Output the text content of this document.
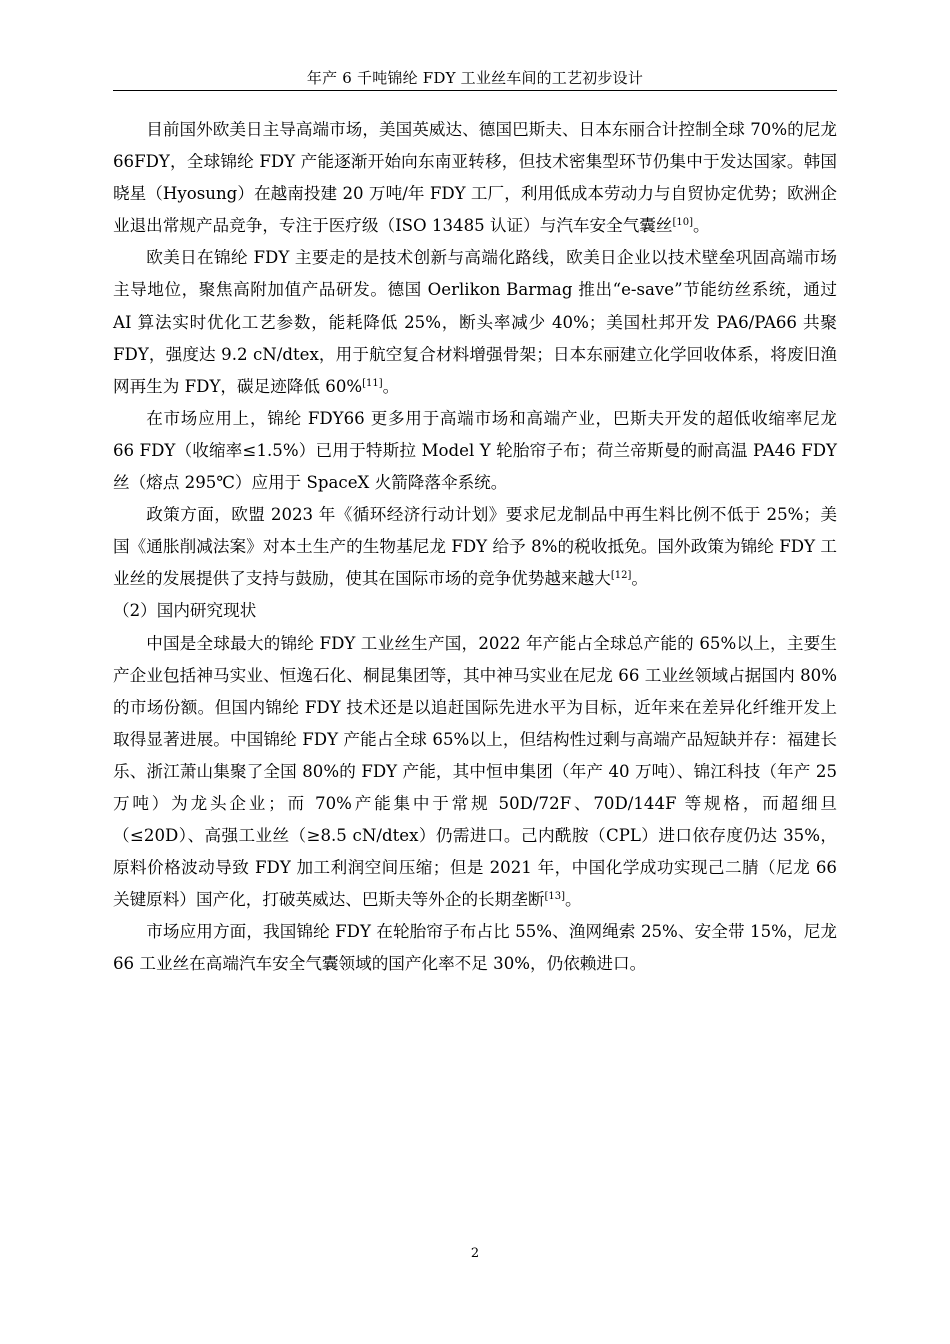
年产 6 千吨锦纶 FDY 工业丝车间的工艺初步设计

目前国外欧美日主导高端市场，美国英威达、德国巴斯夫、日本东丽合计控制全球 70%的尼龙 66FDY，全球锦纶 FDY 产能逐渐开始向东南亚转移，但技术密集型环节仍集中于发达国家。韩国晓星（Hyosung）在越南投建 20 万吨/年 FDY 工厂，利用低成本劳动力与自贸协定优势；欧洲企业退出常规产品竞争，专注于医疗级（ISO 13485 认证）与汽车安全气囊丝[10]。

欧美日在锦纶 FDY 主要走的是技术创新与高端化路线，欧美日企业以技术壁垒巩固高端市场主导地位，聚焦高附加值产品研发。德国 Oerlikon Barmag 推出“e-save”节能纺丝系统，通过 AI 算法实时优化工艺参数，能耗降低 25%，断头率减少 40%；美国杜邦开发 PA6/PA66 共聚 FDY，强度达 9.2 cN/dtex，用于航空复合材料增强骨架；日本东丽建立化学回收体系，将废旧渔网再生为 FDY，碳足迹降低 60%[11]。

在市场应用上，锦纶 FDY66 更多用于高端市场和高端产业，巴斯夫开发的超低收缩率尼龙 66 FDY（收缩率≤1.5%）已用于特斯拉 Model Y 轮胎帘子布；荷兰帝斯曼的耐高温 PA46 FDY 丝（熔点 295℃）应用于 SpaceX 火箭降落伞系统。

政策方面，欧盟 2023 年《循环经济行动计划》要求尼龙制品中再生料比例不低于 25%；美国《通胀削减法案》对本土生产的生物基尼龙 FDY 给予 8%的税收抵免。国外政策为锦纶 FDY 工业丝的发展提供了支持与鼓励，使其在国际市场的竞争优势越来越大[12]。

（2）国内研究现状

中国是全球最大的锦纶 FDY 工业丝生产国，2022 年产能占全球总产能的 65%以上，主要生产企业包括神马实业、恒逸石化、桐昆集团等，其中神马实业在尼龙 66 工业丝领域占据国内 80%的市场份额。但国内锦纶 FDY 技术还是以追赶国际先进水平为目标，近年来在差异化纤维开发上取得显著进展。中国锦纶 FDY 产能占全球 65%以上，但结构性过剩与高端产品短缺并存：福建长乐、浙江萧山集聚了全国 80%的 FDY 产能，其中恒申集团（年产 40 万吨）、锦江科技（年产 25 万吨）为龙头企业；而 70%产能集中于常规 50D/72F、70D/144F 等规格，而超细旦（≤20D）、高强工业丝（≥8.5 cN/dtex）仍需进口。己内酰胺（CPL）进口依存度仍达 35%，原料价格波动导致 FDY 加工利润空间压缩；但是 2021 年，中国化学成功实现己二腈（尼龙 66 关键原料）国产化，打破英威达、巴斯夫等外企的长期垄断[13]。

市场应用方面，我国锦纶 FDY 在轮胎帘子布占比 55%、渔网绳索 25%、安全带 15%，尼龙 66 工业丝在高端汽车安全气囊领域的国产化率不足 30%，仍依赖进口。

2
